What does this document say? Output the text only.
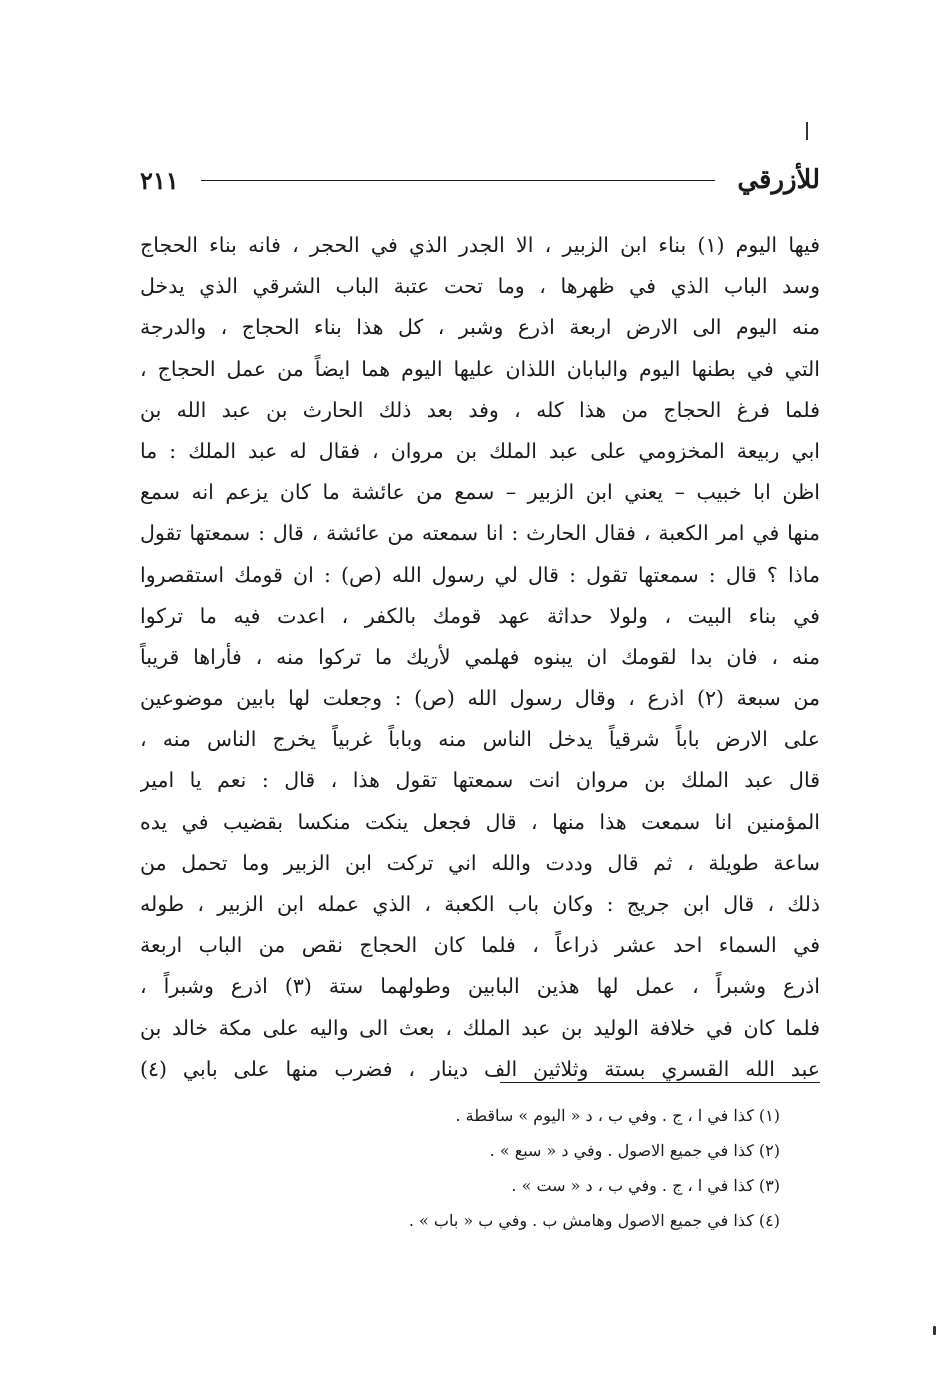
للأزرقي
٢١١
فيها اليوم (١) بناء ابن الزبير ، الا الجدر الذي في الحجر ، فانه بناء الحجاج
وسد الباب الذي في ظهرها ، وما تحت عتبة الباب الشرقي الذي يدخل
منه اليوم الى الارض اربعة اذرع وشبر ، كل هذا بناء الحجاج ، والدرجة
التي في بطنها اليوم والبابان اللذان عليها اليوم هما ايضاً من عمل الحجاج ،
فلما فرغ الحجاج من هذا كله ، وفد بعد ذلك الحارث بن عبد الله بن
ابي ربيعة المخزومي على عبد الملك بن مروان ، فقال له عبد الملك : ما
اظن ابا خبيب – يعني ابن الزبير – سمع من عائشة ما كان يزعم انه سمع
منها في امر الكعبة ، فقال الحارث : انا سمعته من عائشة ، قال : سمعتها تقول
ماذا ؟ قال : سمعتها تقول : قال لي رسول الله (ص) : ان قومك استقصروا
في بناء البيت ، ولولا حداثة عهد قومك بالكفر ، اعدت فيه ما تركوا
منه ، فان بدا لقومك ان يبنوه فهلمي لأريك ما تركوا منه ، فأراها قريباً
من سبعة (٢) اذرع ، وقال رسول الله (ص) : وجعلت لها بابين موضوعين
على الارض باباً شرقياً يدخل الناس منه وباباً غربياً يخرج الناس منه ،
قال عبد الملك بن مروان انت سمعتها تقول هذا ، قال : نعم يا امير
المؤمنين انا سمعت هذا منها ، قال فجعل ينكت منكسا بقضيب في يده
ساعة طويلة ، ثم قال وددت والله اني تركت ابن الزبير وما تحمل من
ذلك ، قال ابن جريج : وكان باب الكعبة ، الذي عمله ابن الزبير ، طوله
في السماء احد عشر ذراعاً ، فلما كان الحجاج نقص من الباب اربعة
اذرع وشبراً ، عمل لها هذين البابين وطولهما ستة (٣) اذرع وشبراً ،
فلما كان في خلافة الوليد بن عبد الملك ، بعث الى واليه على مكة خالد بن
عبد الله القسري بستة وثلاثين الف دينار ، فضرب منها على بابي (٤)
(١) كذا في ا ، ج . وفي ب ، د « اليوم » ساقطة .
(٢) كذا في جميع الاصول . وفي د « سبع » .
(٣) كذا في ا ، ج . وفي ب ، د « ست » .
(٤) كذا في جميع الاصول وهامش ب . وفي ب « باب » .
